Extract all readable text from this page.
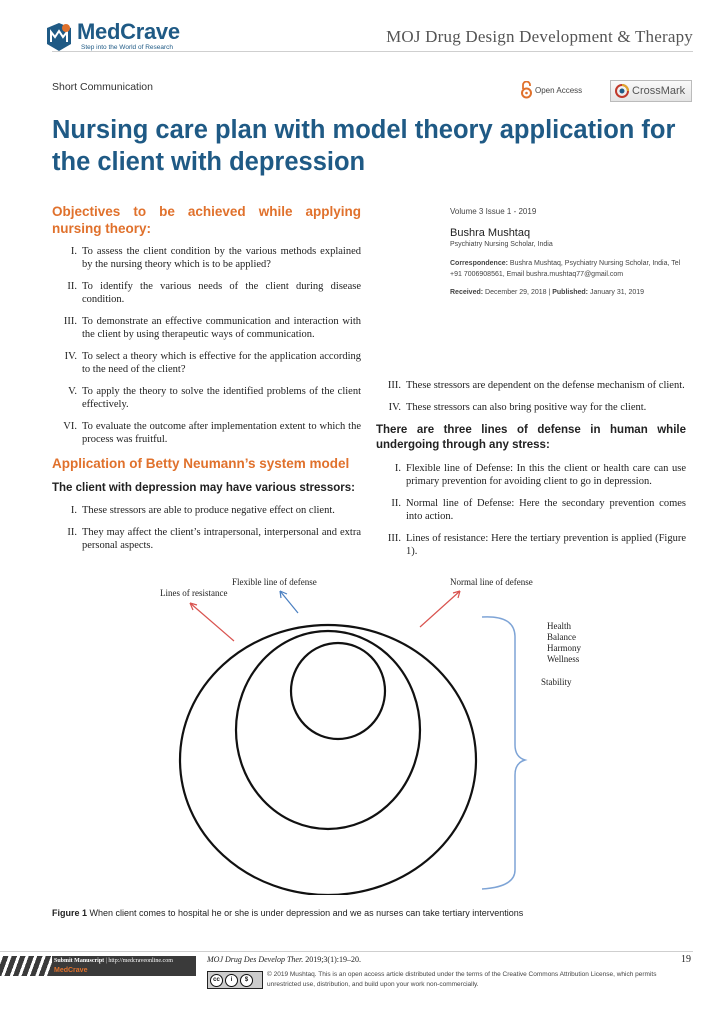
MedCrave
Step into the World of Research
MOJ Drug Design Development & Therapy
Short Communication	Open Access	CrossMark
Nursing care plan with model theory application for the client with depression
Objectives to be achieved while applying nursing theory:
I. To assess the client condition by the various methods explained by the nursing theory which is to be applied?
II. To identify the various needs of the client during disease condition.
III. To demonstrate an effective communication and interaction with the client by using therapeutic ways of communication.
IV. To select a theory which is effective for the application according to the need of the client?
V. To apply the theory to solve the identified problems of the client effectively.
VI. To evaluate the outcome after implementation extent to which the process was fruitful.
Application of Betty Neumann’s system model
The client with depression may have various stressors:
I. These stressors are able to produce negative effect on client.
II. They may affect the client’s intrapersonal, interpersonal and extra personal aspects.
Volume 3 Issue 1 - 2019
Bushra Mushtaq
Psychiatry Nursing Scholar, India
Correspondence: Bushra Mushtaq, Psychiatry Nursing Scholar, India, Tel +91 7006908561, Email bushra.mushtaq77@gmail.com
Received: December 29, 2018 | Published: January 31, 2019
III. These stressors are dependent on the defense mechanism of client.
IV. These stressors can also bring positive way for the client.
There are three lines of defense in human while undergoing through any stress:
I. Flexible line of Defense: In this the client or health care can use primary prevention for avoiding client to go in depression.
II. Normal line of Defense: Here the secondary prevention comes into action.
III. Lines of resistance: Here the tertiary prevention is applied (Figure 1).
Flexible line of defense
Lines of resistance
Normal line of defense
Health
Balance
Harmony
Wellness
Stability
Figure 1 When client comes to hospital he or she is under depression and we as nurses can take tertiary interventions
Submit Manuscript | http://medcraveonline.com
MedCrave
MOJ Drug Des Develop Ther. 2019;3(1):19‒20.	19
cc	i	$
© 2019 Mushtaq. This is an open access article distributed under the terms of the Creative Commons Attribution License, which permits unrestricted use, distribution, and build upon your work non-commercially.
